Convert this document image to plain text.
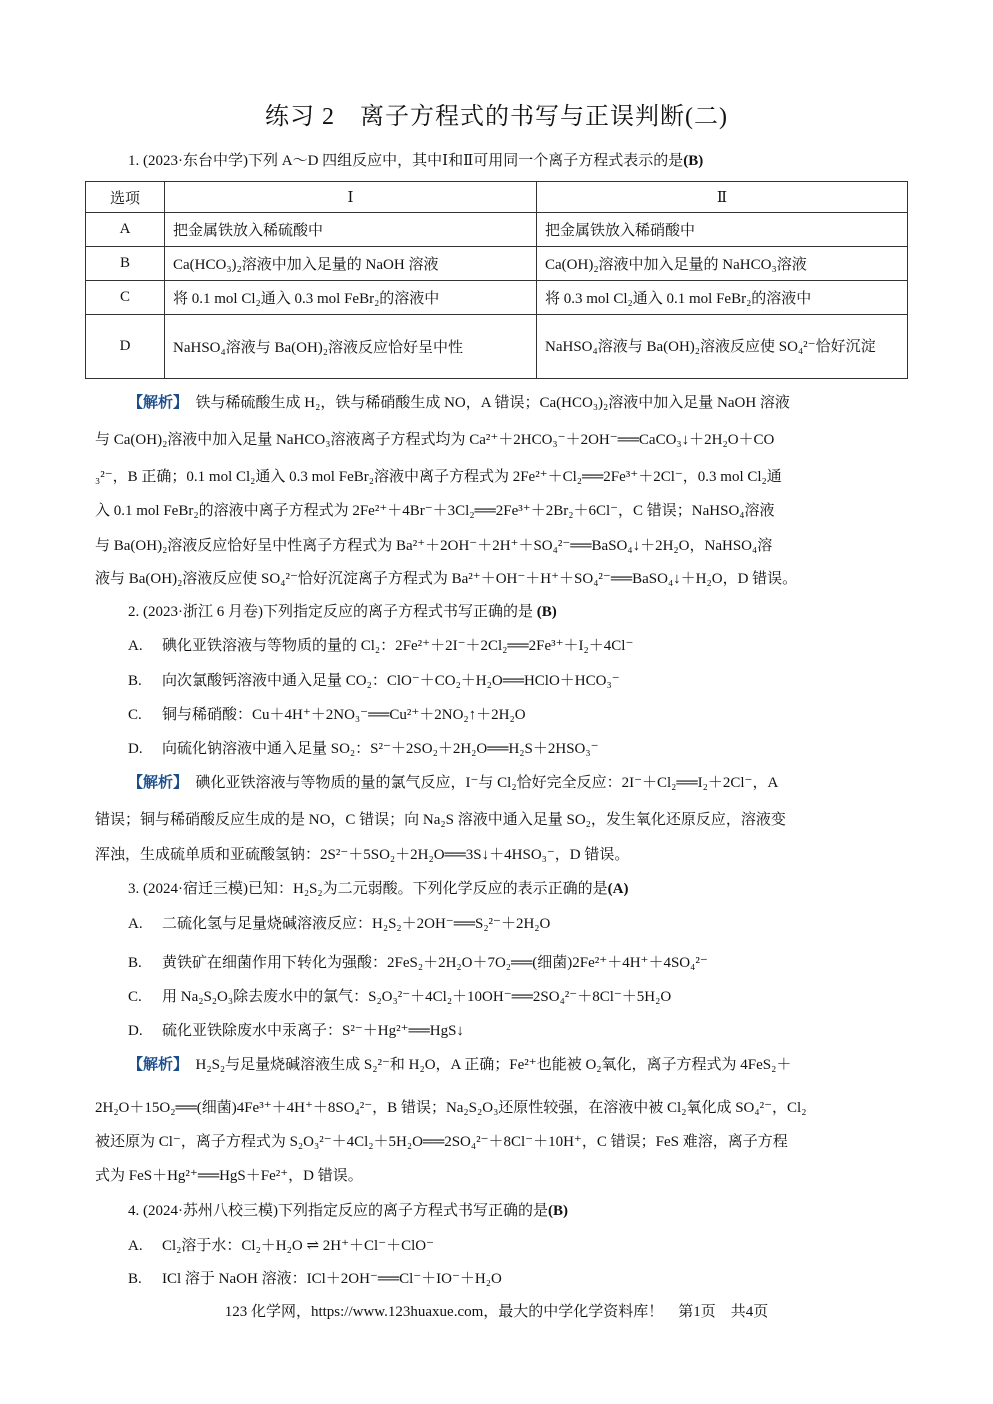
练习 2　离子方程式的书写与正误判断(二)
1. (2023·东台中学)下列 A～D 四组反应中，其中Ⅰ和Ⅱ可用同一个离子方程式表示的是(B)
选项	Ⅰ	Ⅱ
A	把金属铁放入稀硫酸中	把金属铁放入稀硝酸中
B	Ca(HCO₃)₂溶液中加入足量的 NaOH 溶液	Ca(OH)₂溶液中加入足量的 NaHCO₃溶液
C	将 0.1 mol Cl₂通入 0.3 mol FeBr₂的溶液中	将 0.3 mol Cl₂通入 0.1 mol FeBr₂的溶液中
D	NaHSO₄溶液与 Ba(OH)₂溶液反应恰好呈中性	NaHSO₄溶液与 Ba(OH)₂溶液反应使 SO₄²⁻恰好沉淀
【解析】 铁与稀硫酸生成 H₂，铁与稀硝酸生成 NO，A 错误；Ca(HCO₃)₂溶液中加入足量 NaOH 溶液
与 Ca(OH)₂溶液中加入足量 NaHCO₃溶液离子方程式均为 Ca²⁺＋2HCO₃⁻＋2OH⁻══CaCO₃↓＋2H₂O＋CO
₃²⁻，B 正确；0.1 mol Cl₂通入 0.3 mol FeBr₂溶液中离子方程式为 2Fe²⁺＋Cl₂══2Fe³⁺＋2Cl⁻，0.3 mol Cl₂通
入 0.1 mol FeBr₂的溶液中离子方程式为 2Fe²⁺＋4Br⁻＋3Cl₂══2Fe³⁺＋2Br₂＋6Cl⁻，C 错误；NaHSO₄溶液
与 Ba(OH)₂溶液反应恰好呈中性离子方程式为 Ba²⁺＋2OH⁻＋2H⁺＋SO₄²⁻══BaSO₄↓＋2H₂O，NaHSO₄溶
液与 Ba(OH)₂溶液反应使 SO₄²⁻恰好沉淀离子方程式为 Ba²⁺＋OH⁻＋H⁺＋SO₄²⁻══BaSO₄↓＋H₂O，D 错误。
2. (2023·浙江 6 月卷)下列指定反应的离子方程式书写正确的是 (B)
A. 碘化亚铁溶液与等物质的量的 Cl₂：2Fe²⁺＋2I⁻＋2Cl₂══2Fe³⁺＋I₂＋4Cl⁻
B. 向次氯酸钙溶液中通入足量 CO₂：ClO⁻＋CO₂＋H₂O══HClO＋HCO₃⁻
C. 铜与稀硝酸：Cu＋4H⁺＋2NO₃⁻══Cu²⁺＋2NO₂↑＋2H₂O
D. 向硫化钠溶液中通入足量 SO₂：S²⁻＋2SO₂＋2H₂O══H₂S＋2HSO₃⁻
【解析】 碘化亚铁溶液与等物质的量的氯气反应，I⁻与 Cl₂恰好完全反应：2I⁻＋Cl₂══I₂＋2Cl⁻，A
错误；铜与稀硝酸反应生成的是 NO，C 错误；向 Na₂S 溶液中通入足量 SO₂，发生氧化还原反应，溶液变
浑浊，生成硫单质和亚硫酸氢钠：2S²⁻＋5SO₂＋2H₂O══3S↓＋4HSO₃⁻，D 错误。
3. (2024·宿迁三模)已知：H₂S₂为二元弱酸。下列化学反应的表示正确的是(A)
A. 二硫化氢与足量烧碱溶液反应：H₂S₂＋2OH⁻══S₂²⁻＋2H₂O
B. 黄铁矿在细菌作用下转化为强酸：2FeS₂＋2H₂O＋7O₂══(细菌)2Fe²⁺＋4H⁺＋4SO₄²⁻
C. 用 Na₂S₂O₃除去废水中的氯气：S₂O₃²⁻＋4Cl₂＋10OH⁻══2SO₄²⁻＋8Cl⁻＋5H₂O
D. 硫化亚铁除废水中汞离子：S²⁻＋Hg²⁺══HgS↓
【解析】 H₂S₂与足量烧碱溶液生成 S₂²⁻和 H₂O，A 正确；Fe²⁺也能被 O₂氧化，离子方程式为 4FeS₂＋
2H₂O＋15O₂══(细菌)4Fe³⁺＋4H⁺＋8SO₄²⁻，B 错误；Na₂S₂O₃还原性较强，在溶液中被 Cl₂氧化成 SO₄²⁻，Cl₂
被还原为 Cl⁻，离子方程式为 S₂O₃²⁻＋4Cl₂＋5H₂O══2SO₄²⁻＋8Cl⁻＋10H⁺，C 错误；FeS 难溶，离子方程
式为 FeS＋Hg²⁺══HgS＋Fe²⁺，D 错误。
4. (2024·苏州八校三模)下列指定反应的离子方程式书写正确的是(B)
A. Cl₂溶于水：Cl₂＋H₂O ⇌ 2H⁺＋Cl⁻＋ClO⁻
B. ICl 溶于 NaOH 溶液：ICl＋2OH⁻══Cl⁻＋IO⁻＋H₂O
123 化学网，https://www.123huaxue.com，最大的中学化学资料库！　第1页　共4页
